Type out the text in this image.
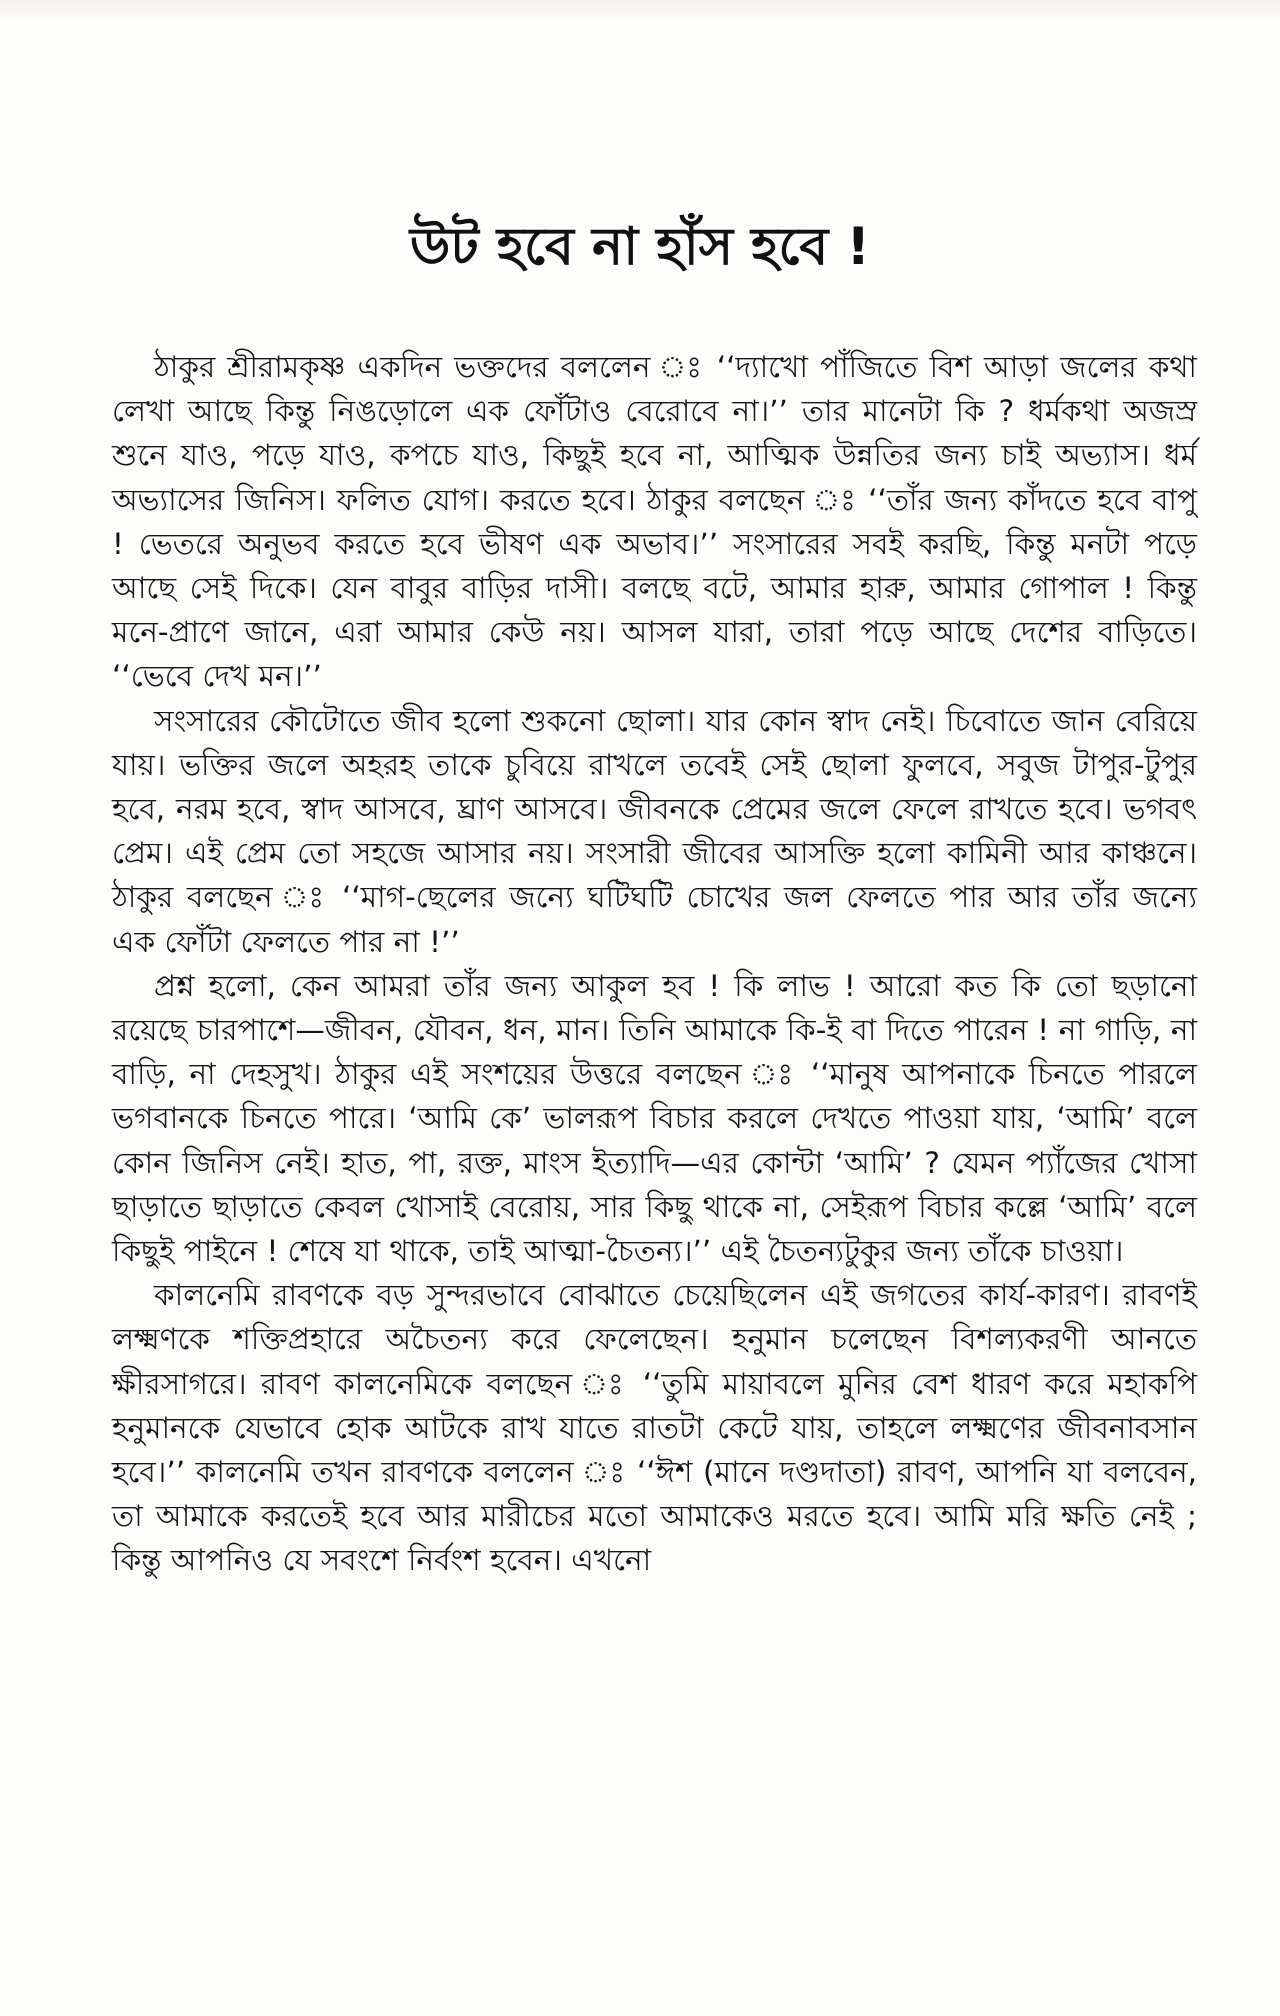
উট হবে না হাঁস হবে !

ঠাকুর শ্রীরামকৃষ্ণ একদিন ভক্তদের বললেন ঃ ‘‘দ্যাখো পাঁজিতে বিশ আড়া জলের কথা লেখা আছে কিন্তু নিঙড়োলে এক ফোঁটাও বেরোবে না।’’ তার মানেটা কি ? ধর্মকথা অজস্র শুনে যাও, পড়ে যাও, কপচে যাও, কিছুই হবে না, আত্মিক উন্নতির জন্য চাই অভ্যাস। ধর্ম অভ্যাসের জিনিস। ফলিত যোগ। করতে হবে। ঠাকুর বলছেন ঃ ‘‘তাঁর জন্য কাঁদতে হবে বাপু ! ভেতরে অনুভব করতে হবে ভীষণ এক অভাব।’’ সংসারের সবই করছি, কিন্তু মনটা পড়ে আছে সেই দিকে। যেন বাবুর বাড়ির দাসী। বলছে বটে, আমার হারু, আমার গোপাল ! কিন্তু মনে-প্রাণে জানে, এরা আমার কেউ নয়। আসল যারা, তারা পড়ে আছে দেশের বাড়িতে। ‘‘ভেবে দেখ মন।’’

সংসারের কৌটোতে জীব হলো শুকনো ছোলা। যার কোন স্বাদ নেই। চিবোতে জান বেরিয়ে যায়। ভক্তির জলে অহরহ তাকে চুবিয়ে রাখলে তবেই সেই ছোলা ফুলবে, সবুজ টাপুর-টুপুর হবে, নরম হবে, স্বাদ আসবে, ঘ্রাণ আসবে। জীবনকে প্রেমের জলে ফেলে রাখতে হবে। ভগবৎ প্রেম। এই প্রেম তো সহজে আসার নয়। সংসারী জীবের আসক্তি হলো কামিনী আর কাঞ্চনে। ঠাকুর বলছেন ঃ ‘‘মাগ-ছেলের জন্যে ঘটিঘটি চোখের জল ফেলতে পার আর তাঁর জন্যে এক ফোঁটা ফেলতে পার না !’’

প্রশ্ন হলো, কেন আমরা তাঁর জন্য আকুল হব ! কি লাভ ! আরো কত কি তো ছড়ানো রয়েছে চারপাশে—জীবন, যৌবন, ধন, মান। তিনি আমাকে কি-ই বা দিতে পারেন ! না গাড়ি, না বাড়ি, না দেহসুখ। ঠাকুর এই সংশয়ের উত্তরে বলছেন ঃ ‘‘মানুষ আপনাকে চিনতে পারলে ভগবানকে চিনতে পারে। ‘আমি কে’ ভালরূপ বিচার করলে দেখতে পাওয়া যায়, ‘আমি’ বলে কোন জিনিস নেই। হাত, পা, রক্ত, মাংস ইত্যাদি—এর কোন্টা ‘আমি’ ? যেমন প্যাঁজের খোসা ছাড়াতে ছাড়াতে কেবল খোসাই বেরোয়, সার কিছু থাকে না, সেইরূপ বিচার কল্লে ‘আমি’ বলে কিছুই পাইনে ! শেষে যা থাকে, তাই আত্মা-চৈতন্য।’’ এই চৈতন্যটুকুর জন্য তাঁকে চাওয়া।

কালনেমি রাবণকে বড় সুন্দরভাবে বোঝাতে চেয়েছিলেন এই জগতের কার্য-কারণ। রাবণই লক্ষ্মণকে শক্তিপ্রহারে অচৈতন্য করে ফেলেছেন। হনুমান চলেছেন বিশল্যকরণী আনতে ক্ষীরসাগরে। রাবণ কালনেমিকে বলছেন ঃ ‘‘তুমি মায়াবলে মুনির বেশ ধারণ করে মহাকপি হনুমানকে যেভাবে হোক আটকে রাখ যাতে রাতটা কেটে যায়, তাহলে লক্ষ্মণের জীবনাবসান হবে।’’ কালনেমি তখন রাবণকে বললেন ঃ ‘‘ঈশ (মানে দণ্ডদাতা) রাবণ, আপনি যা বলবেন, তা আমাকে করতেই হবে আর মারীচের মতো আমাকেও মরতে হবে। আমি মরি ক্ষতি নেই ; কিন্তু আপনিও যে সবংশে নির্বংশ হবেন। এখনো
